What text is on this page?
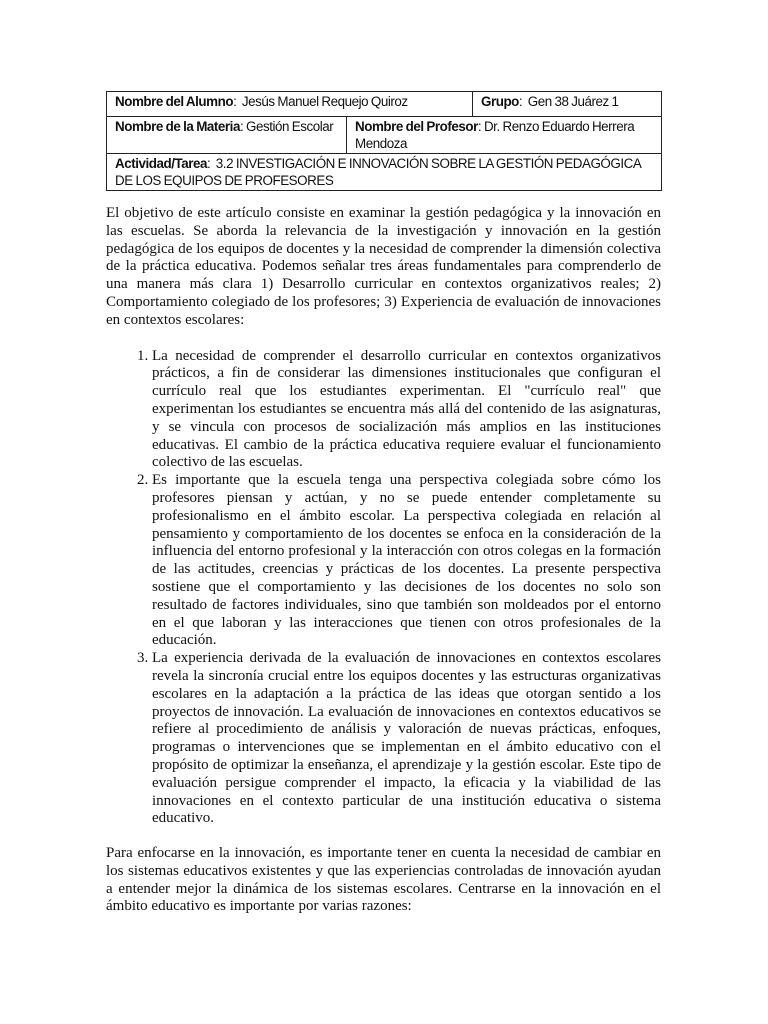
Nombre del Alumno:  Jesús Manuel Requejo Quiroz		Grupo:  Gen 38 Juárez 1
Nombre de la Materia: Gestión Escolar	Nombre del Profesor: Dr. Renzo Eduardo Herrera Mendoza	
Actividad/Tarea:  3.2 INVESTIGACIÓN E INNOVACIÓN SOBRE LA GESTIÓN PEDAGÓGICA DE LOS EQUIPOS DE PROFESORES		

El objetivo de este artículo consiste en examinar la gestión pedagógica y la innovación en las escuelas. Se aborda la relevancia de la investigación y innovación en la gestión pedagógica de los equipos de docentes y la necesidad de comprender la dimensión colectiva de la práctica educativa. Podemos señalar tres áreas fundamentales para comprenderlo de una manera más clara 1) Desarrollo curricular en contextos organizativos reales; 2) Comportamiento colegiado de los profesores; 3) Experiencia de evaluación de innovaciones en contextos escolares:

1. La necesidad de comprender el desarrollo curricular en contextos organizativos prácticos, a fin de considerar las dimensiones institucionales que configuran el currículo real que los estudiantes experimentan. El "currículo real" que experimentan los estudiantes se encuentra más allá del contenido de las asignaturas, y se vincula con procesos de socialización más amplios en las instituciones educativas. El cambio de la práctica educativa requiere evaluar el funcionamiento colectivo de las escuelas.
2. Es importante que la escuela tenga una perspectiva colegiada sobre cómo los profesores piensan y actúan, y no se puede entender completamente su profesionalismo en el ámbito escolar. La perspectiva colegiada en relación al pensamiento y comportamiento de los docentes se enfoca en la consideración de la influencia del entorno profesional y la interacción con otros colegas en la formación de las actitudes, creencias y prácticas de los docentes. La presente perspectiva sostiene que el comportamiento y las decisiones de los docentes no solo son resultado de factores individuales, sino que también son moldeados por el entorno en el que laboran y las interacciones que tienen con otros profesionales de la educación.
3. La experiencia derivada de la evaluación de innovaciones en contextos escolares revela la sincronía crucial entre los equipos docentes y las estructuras organizativas escolares en la adaptación a la práctica de las ideas que otorgan sentido a los proyectos de innovación. La evaluación de innovaciones en contextos educativos se refiere al procedimiento de análisis y valoración de nuevas prácticas, enfoques, programas o intervenciones que se implementan en el ámbito educativo con el propósito de optimizar la enseñanza, el aprendizaje y la gestión escolar. Este tipo de evaluación persigue comprender el impacto, la eficacia y la viabilidad de las innovaciones en el contexto particular de una institución educativa o sistema educativo.

Para enfocarse en la innovación, es importante tener en cuenta la necesidad de cambiar en los sistemas educativos existentes y que las experiencias controladas de innovación ayudan a entender mejor la dinámica de los sistemas escolares. Centrarse en la innovación en el ámbito educativo es importante por varias razones:
